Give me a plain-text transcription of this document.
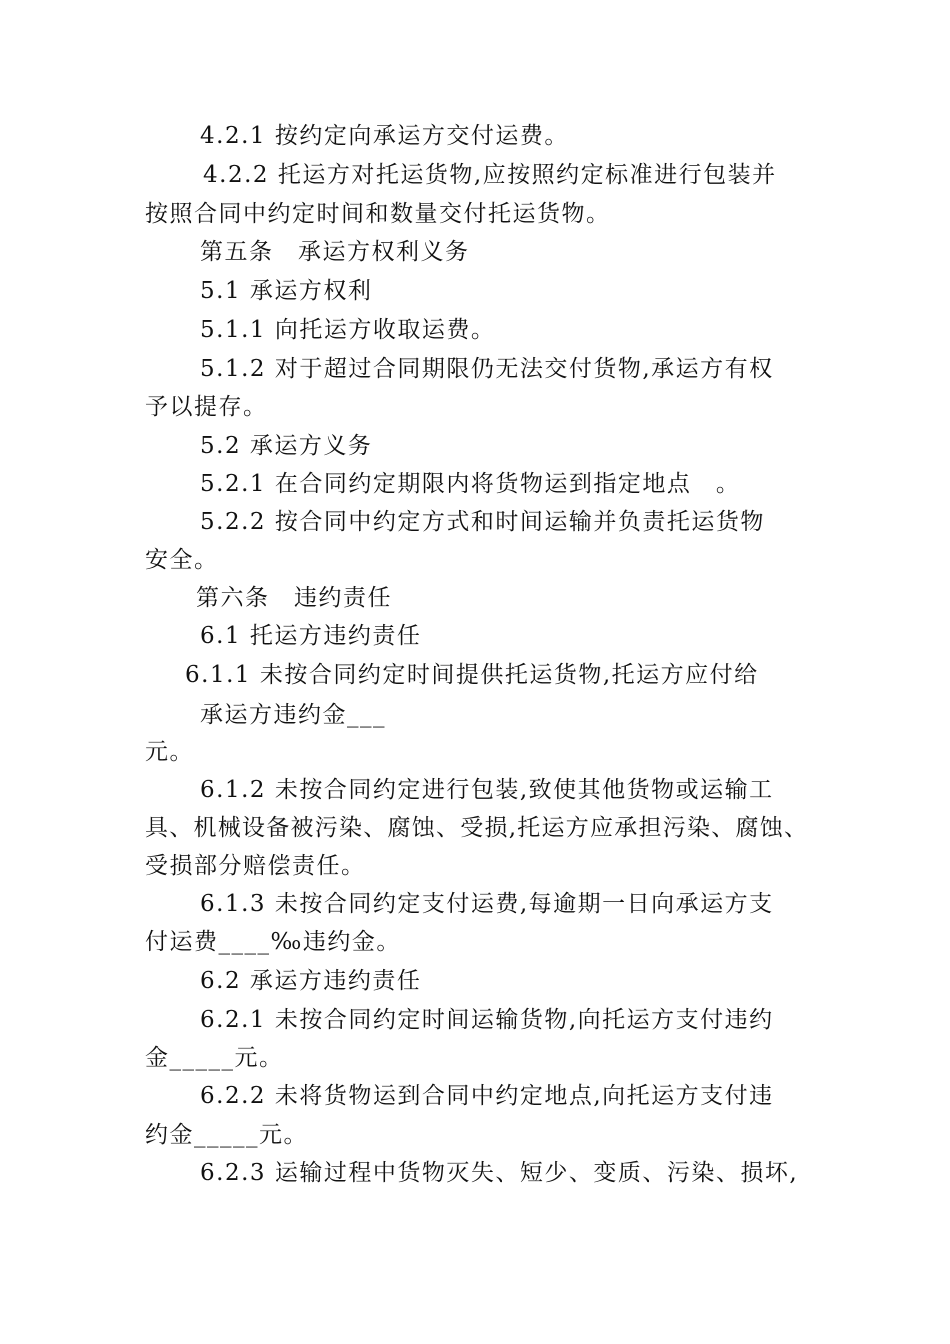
4.2.1 按约定向承运方交付运费。
4.2.2 托运方对托运货物,应按照约定标准进行包装并
按照合同中约定时间和数量交付托运货物。
第五条　承运方权利义务
5.1 承运方权利
5.1.1 向托运方收取运费。
5.1.2 对于超过合同期限仍无法交付货物,承运方有权
予以提存。
5.2 承运方义务
5.2.1 在合同约定期限内将货物运到指定地点　。
5.2.2 按合同中约定方式和时间运输并负责托运货物
安全。
第六条　违约责任
6.1 托运方违约责任
6.1.1 未按合同约定时间提供托运货物,托运方应付给
承运方违约金___
元。
6.1.2 未按合同约定进行包装,致使其他货物或运输工
具、机械设备被污染、腐蚀、受损,托运方应承担污染、腐蚀、
受损部分赔偿责任。
6.1.3 未按合同约定支付运费,每逾期一日向承运方支
付运费____‰违约金。
6.2 承运方违约责任
6.2.1 未按合同约定时间运输货物,向托运方支付违约
金_____元。
6.2.2 未将货物运到合同中约定地点,向托运方支付违
约金_____元。
6.2.3 运输过程中货物灭失、短少、变质、污染、损坏,
